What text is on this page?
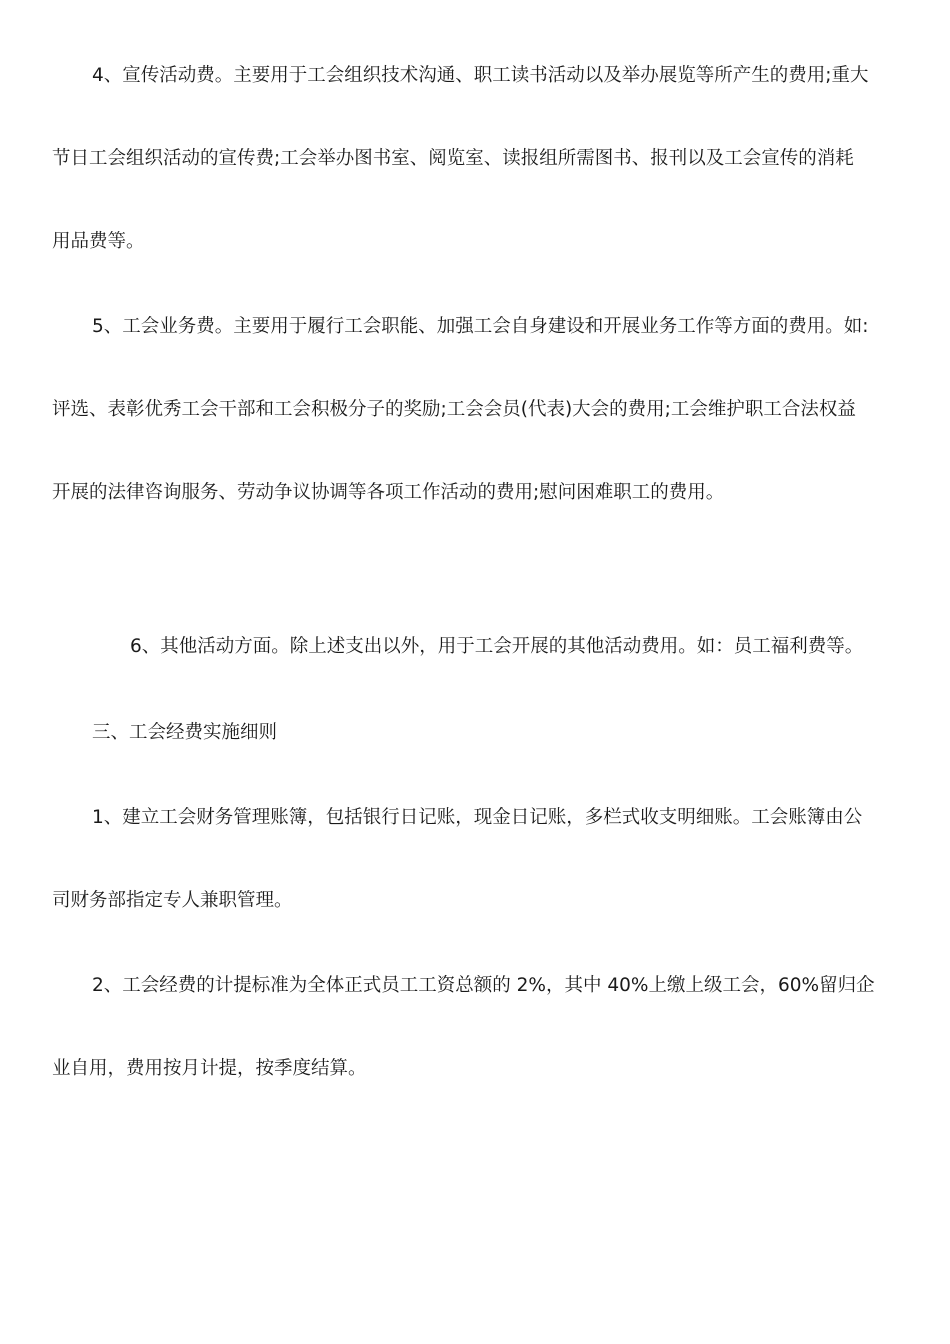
4、宣传活动费。主要用于工会组织技术沟通、职工读书活动以及举办展览等所产生的费用;重大
节日工会组织活动的宣传费;工会举办图书室、阅览室、读报组所需图书、报刊以及工会宣传的消耗
用品费等。
5、工会业务费。主要用于履行工会职能、加强工会自身建设和开展业务工作等方面的费用。如:
评选、表彰优秀工会干部和工会积极分子的奖励;工会会员(代表)大会的费用;工会维护职工合法权益
开展的法律咨询服务、劳动争议协调等各项工作活动的费用;慰问困难职工的费用。
6、其他活动方面。除上述支出以外，用于工会开展的其他活动费用。如：员工福利费等。
三、工会经费实施细则
1、建立工会财务管理账簿，包括银行日记账，现金日记账，多栏式收支明细账。工会账簿由公
司财务部指定专人兼职管理。
2、工会经费的计提标准为全体正式员工工资总额的 2%，其中 40%上缴上级工会，60%留归企
业自用，费用按月计提，按季度结算。
